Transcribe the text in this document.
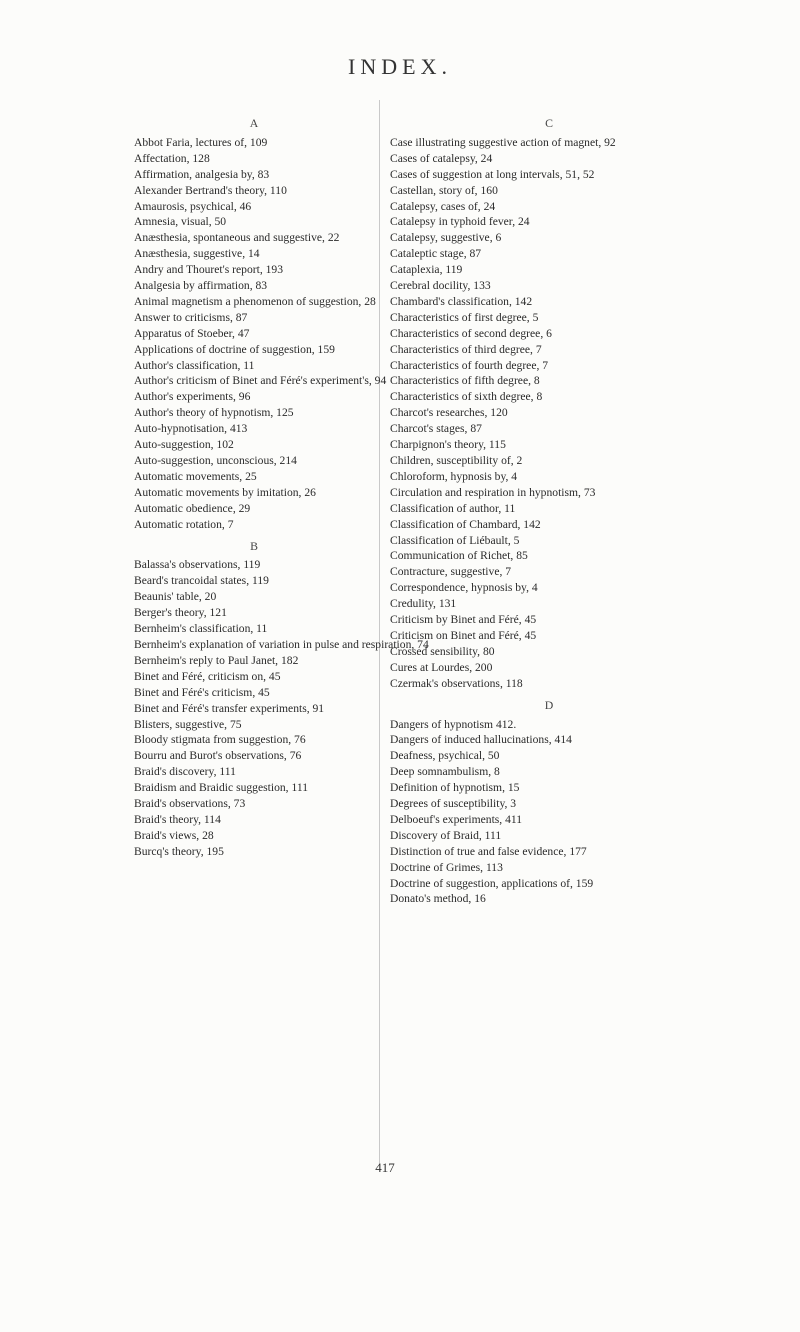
INDEX.
A
Abbot Faria, lectures of, 109
Affectation, 128
Affirmation, analgesia by, 83
Alexander Bertrand's theory, 110
Amaurosis, psychical, 46
Amnesia, visual, 50
Anæsthesia, spontaneous and suggestive, 22
Anæsthesia, suggestive, 14
Andry and Thouret's report, 193
Analgesia by affirmation, 83
Animal magnetism a phenomenon of suggestion, 28
Answer to criticisms, 87
Apparatus of Stoeber, 47
Applications of doctrine of suggestion, 159
Author's classification, 11
Author's criticism of Binet and Féré's experiment's, 94
Author's experiments, 96
Author's theory of hypnotism, 125
Auto-hypnotisation, 413
Auto-suggestion, 102
Auto-suggestion, unconscious, 214
Automatic movements, 25
Automatic movements by imitation, 26
Automatic obedience, 29
Automatic rotation, 7
B
Balassa's observations, 119
Beard's trancoidal states, 119
Beaunis' table, 20
Berger's theory, 121
Bernheim's classification, 11
Bernheim's explanation of variation in pulse and respiration, 74
Bernheim's reply to Paul Janet, 182
Binet and Féré, criticism on, 45
Binet and Féré's criticism, 45
Binet and Féré's transfer experiments, 91
Blisters, suggestive, 75
Bloody stigmata from suggestion, 76
Bourru and Burot's observations, 76
Braid's discovery, 111
Braidism and Braidic suggestion, 111
Braid's observations, 73
Braid's theory, 114
Braid's views, 28
Burcq's theory, 195
C
Case illustrating suggestive action of magnet, 92
Cases of catalepsy, 24
Cases of suggestion at long intervals, 51, 52
Castellan, story of, 160
Catalepsy, cases of, 24
Catalepsy in typhoid fever, 24
Catalepsy, suggestive, 6
Cataleptic stage, 87
Cataplexia, 119
Cerebral docility, 133
Chambard's classification, 142
Characteristics of first degree, 5
Characteristics of second degree, 6
Characteristics of third degree, 7
Characteristics of fourth degree, 7
Characteristics of fifth degree, 8
Characteristics of sixth degree, 8
Charcot's researches, 120
Charcot's stages, 87
Charpignon's theory, 115
Children, susceptibility of, 2
Chloroform, hypnosis by, 4
Circulation and respiration in hypnotism, 73
Classification of author, 11
Classification of Chambard, 142
Classification of Liébault, 5
Communication of Richet, 85
Contracture, suggestive, 7
Correspondence, hypnosis by, 4
Credulity, 131
Criticism by Binet and Féré, 45
Criticism on Binet and Féré, 45
Crossed sensibility, 80
Cures at Lourdes, 200
Czermak's observations, 118
D
Dangers of hypnotism 412.
Dangers of induced hallucinations, 414
Deafness, psychical, 50
Deep somnambulism, 8
Definition of hypnotism, 15
Degrees of susceptibility, 3
Delboeuf's experiments, 411
Discovery of Braid, 111
Distinction of true and false evidence, 177
Doctrine of Grimes, 113
Doctrine of suggestion, applications of, 159
Donato's method, 16
417
